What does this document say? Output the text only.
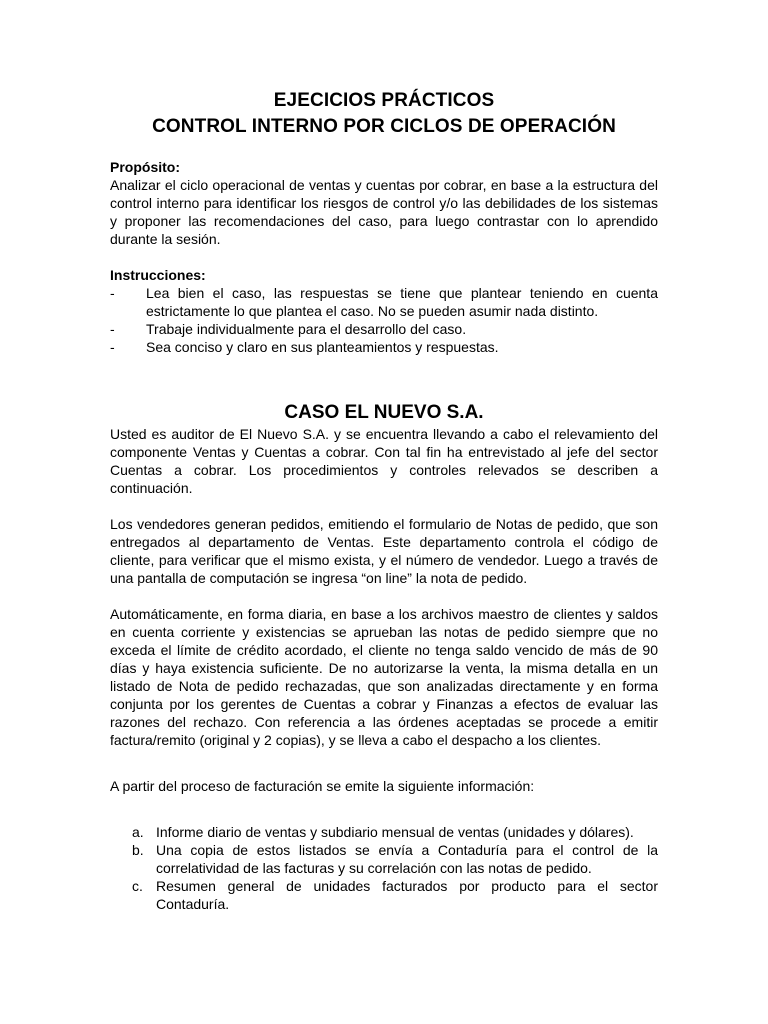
EJECICIOS PRÁCTICOS

CONTROL INTERNO POR CICLOS DE OPERACIÓN

Propósito:

Analizar el ciclo operacional de ventas y cuentas por cobrar, en base a la estructura del control interno para identificar los riesgos de control y/o las debilidades de los sistemas y proponer las recomendaciones del caso, para luego contrastar con lo aprendido durante la sesión.

Instrucciones:

- Lea bien el caso, las respuestas se tiene que plantear teniendo en cuenta estrictamente lo que plantea el caso. No se pueden asumir nada distinto.
- Trabaje individualmente para el desarrollo del caso.
- Sea conciso y claro en sus planteamientos y respuestas.

CASO EL NUEVO S.A.

Usted es auditor de El Nuevo S.A. y se encuentra llevando a cabo el relevamiento del componente Ventas y Cuentas a cobrar. Con tal fin ha entrevistado al jefe del sector Cuentas a cobrar. Los procedimientos y controles relevados se describen a continuación.

Los vendedores generan pedidos, emitiendo el formulario de Notas de pedido, que son entregados al departamento de Ventas. Este departamento controla el código de cliente, para verificar que el mismo exista, y el número de vendedor. Luego a través de una pantalla de computación se ingresa “on line” la nota de pedido.

Automáticamente, en forma diaria, en base a los archivos maestro de clientes y saldos en cuenta corriente y existencias se aprueban las notas de pedido siempre que no exceda el límite de crédito acordado, el cliente no tenga saldo vencido de más de 90 días y haya existencia suficiente. De no autorizarse la venta, la misma detalla en un listado de Nota de pedido rechazadas, que son analizadas directamente y en forma conjunta por los gerentes de Cuentas a cobrar y Finanzas a efectos de evaluar las razones del rechazo. Con referencia a las órdenes aceptadas se procede a emitir factura/remito (original y 2 copias), y se lleva a cabo el despacho a los clientes.

A partir del proceso de facturación se emite la siguiente información:

a. Informe diario de ventas y subdiario mensual de ventas (unidades y dólares).
b. Una copia de estos listados se envía a Contaduría para el control de la correlatividad de las facturas y su correlación con las notas de pedido.
c. Resumen general de unidades facturados por producto para el sector Contaduría.
